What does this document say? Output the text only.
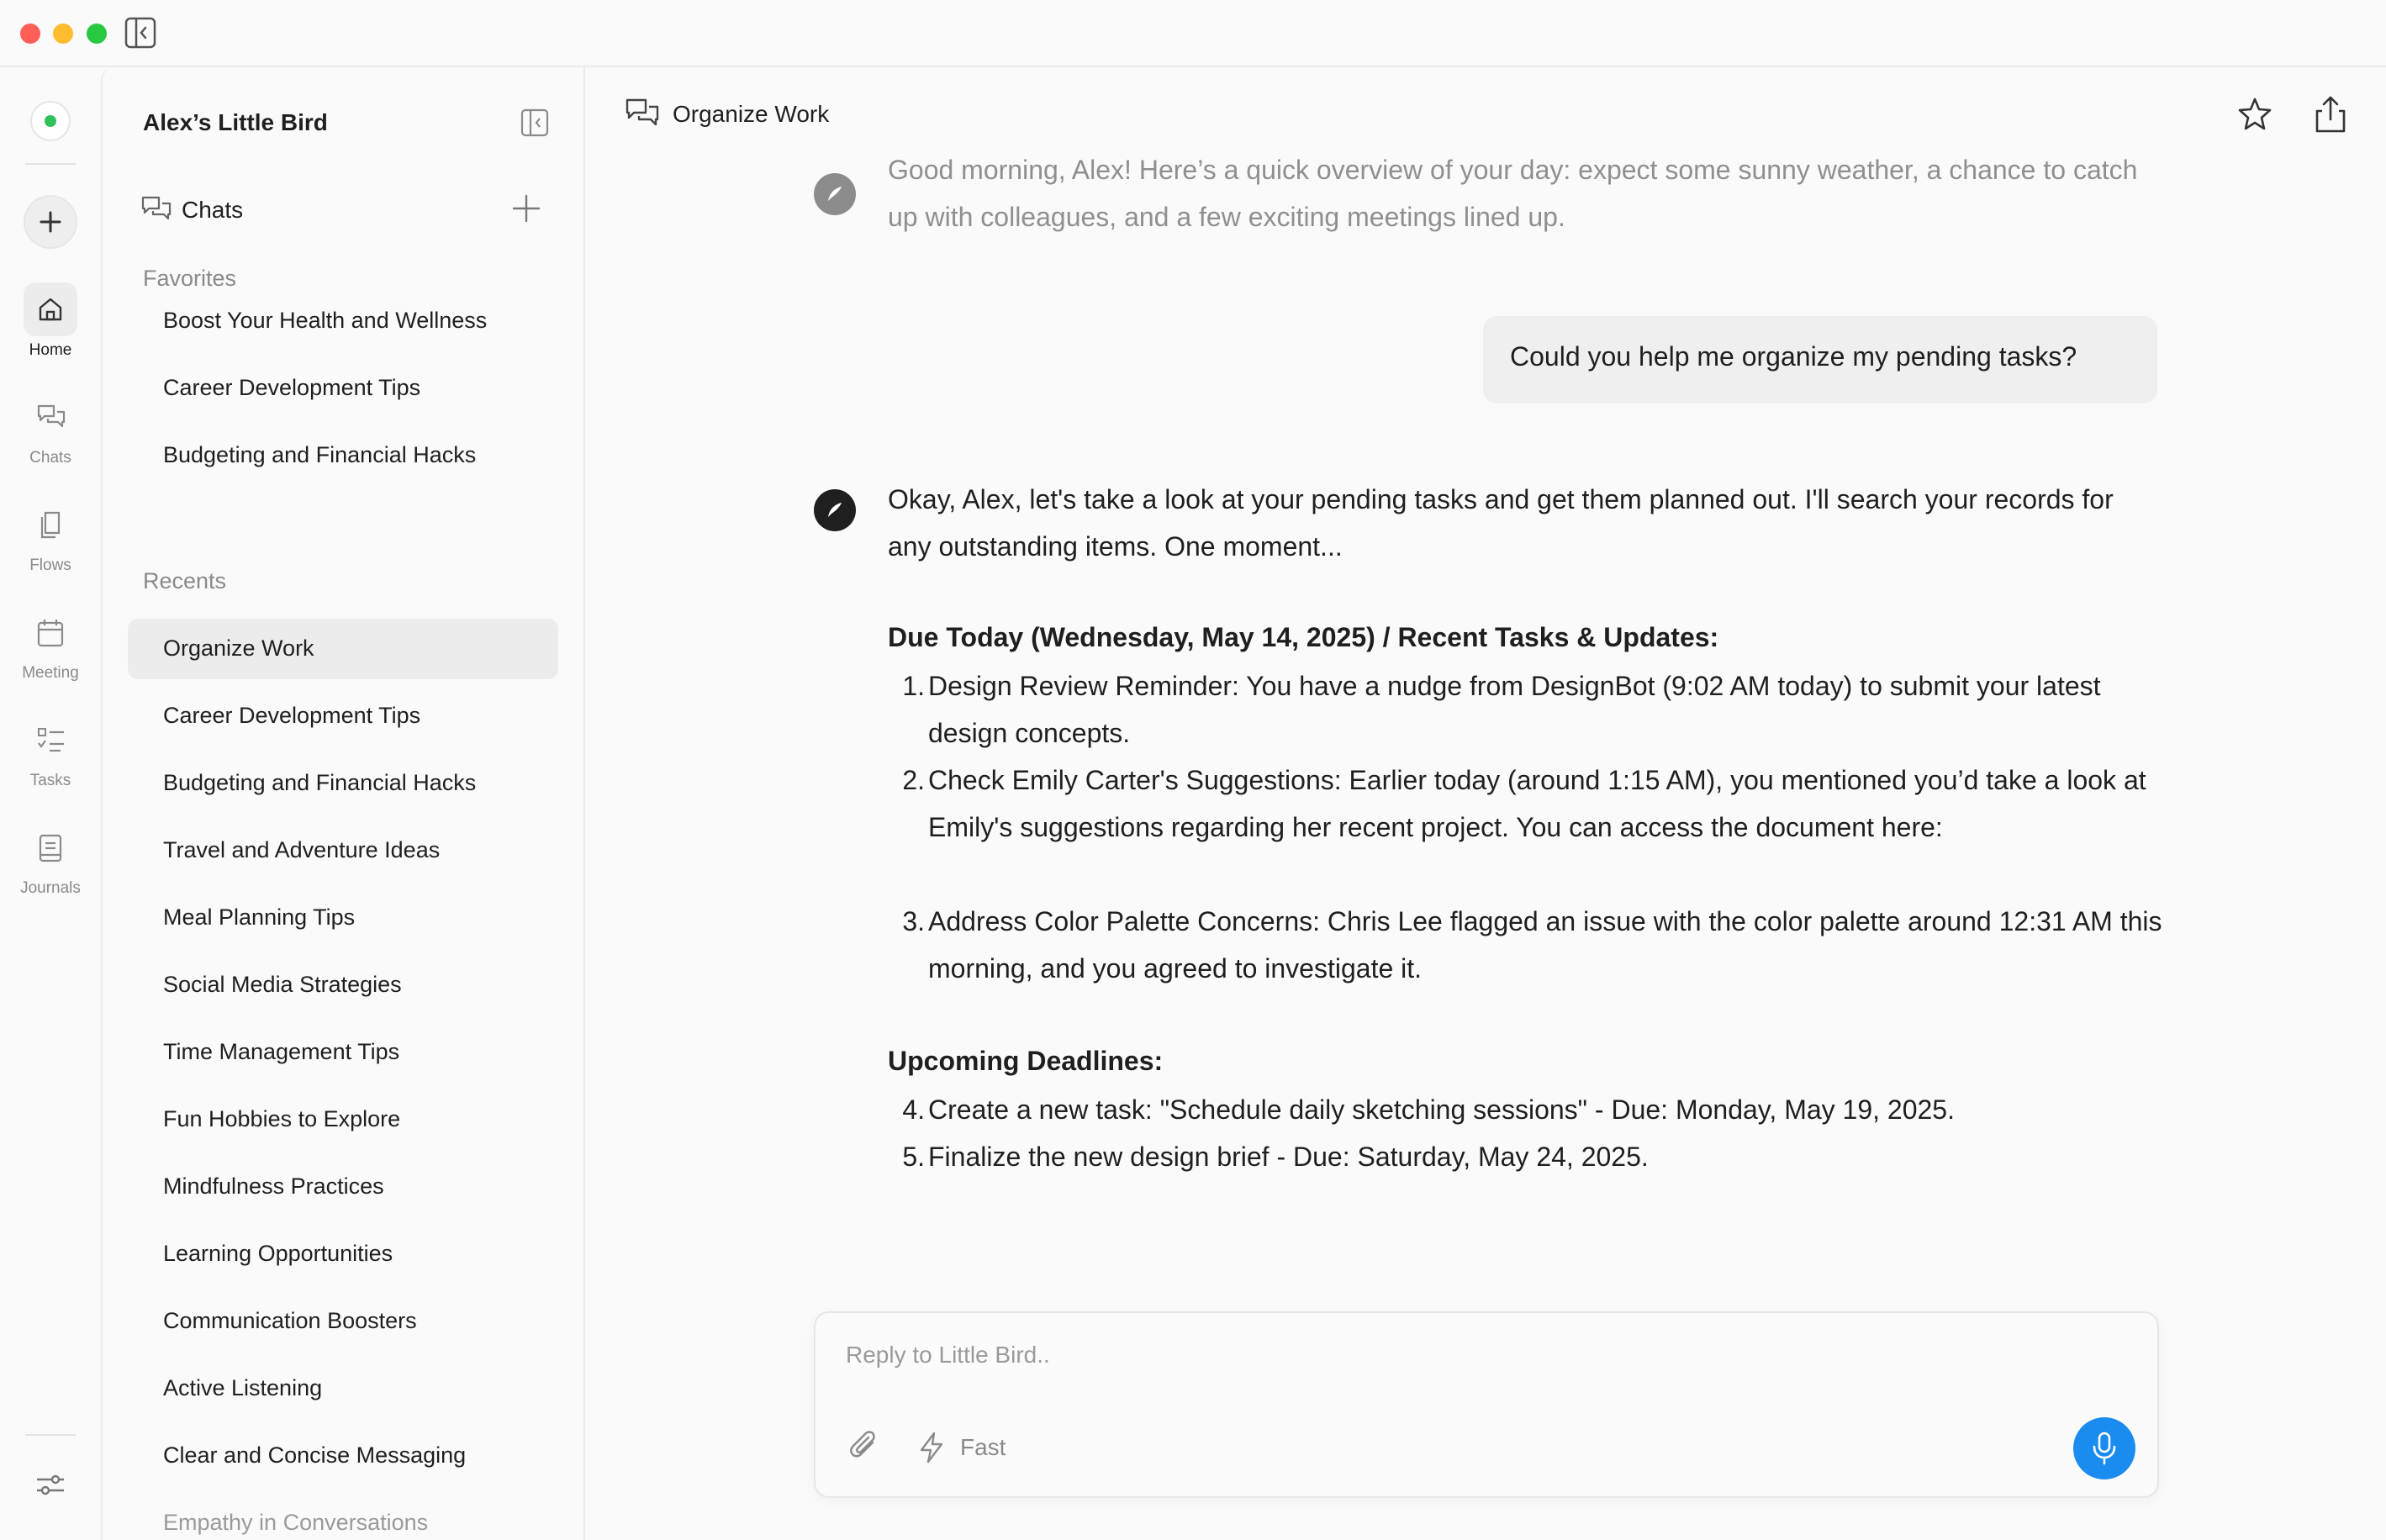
Home
Chats
Flows
Meeting
Tasks
Journals
Alex’s Little Bird
Chats
Favorites
Boost Your Health and Wellness
Career Development Tips
Budgeting and Financial Hacks
Recents
Organize Work
Career Development Tips
Budgeting and Financial Hacks
Travel and Adventure Ideas
Meal Planning Tips
Social Media Strategies
Time Management Tips
Fun Hobbies to Explore
Mindfulness Practices
Learning Opportunities
Communication Boosters
Active Listening
Clear and Concise Messaging
Empathy in Conversations
Organize Work
Good morning, Alex! Here’s a quick overview of your day: expect some sunny weather, a chance to catch up with colleagues, and a few exciting meetings lined up.
Could you help me organize my pending tasks?
Okay, Alex, let's take a look at your pending tasks and get them planned out. I'll search your records for any outstanding items. One moment...
Due Today (Wednesday, May 14, 2025) / Recent Tasks & Updates:
1. Design Review Reminder: You have a nudge from DesignBot (9:02 AM today) to submit your latest design concepts.
2. Check Emily Carter's Suggestions: Earlier today (around 1:15 AM), you mentioned you’d take a look at Emily's suggestions regarding her recent project. You can access the document here:
3. Address Color Palette Concerns: Chris Lee flagged an issue with the color palette around 12:31 AM this morning, and you agreed to investigate it.
Upcoming Deadlines:
4. Create a new task: "Schedule daily sketching sessions" - Due: Monday, May 19, 2025.
5. Finalize the new design brief - Due: Saturday, May 24, 2025.
Reply to Little Bird..
Fast
